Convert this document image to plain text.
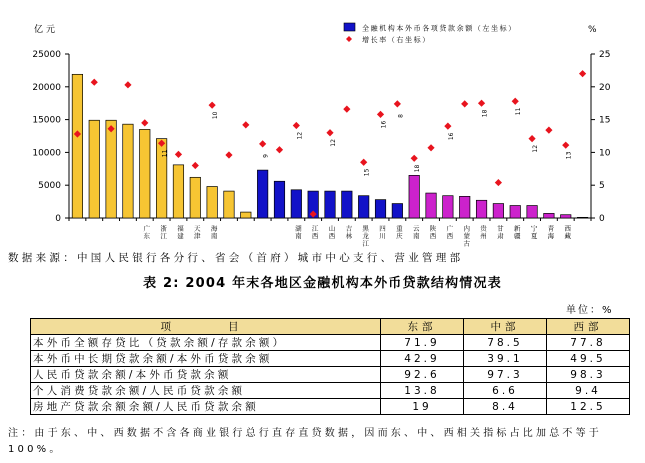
0
5000
10000
15000
20000
25000
0
5
10
15
20
25
亿元	%
广东
浙江
福建
天津
海南
湖南
江西
山西
吉林
黑龙江
四川
重庆
云南
陕西
广西
内蒙古
贵州
甘肃
新疆
宁夏
青海
西藏
11
10
9
12
12
15
16
8
18
16
18	11
12
13
全融机构本外币各项贷款余额（左坐标）
增长率（右坐标）
数据来源：中国人民银行各分行、省会（首府）城市中心支行、营业管理部
表 2: 2004 年末各地区金融机构本外币贷款结构情况表
单位：%
项　　目	东部	中部	西部
本外币全额存贷比（贷款余额/存款余额）	71.9	78.5	77.8
本外币中长期贷款余额/本外币贷款余额	42.9	39.1	49.5
人民币贷款余额/本外币贷款余额	92.6	97.3	98.3
个人消费贷款余额/人民币贷款余额	13.8	6.6	9.4
房地产贷款余额余额/人民币贷款余额	19	8.4	12.5
注：由于东、中、西数据不含各商业银行总行直存直贷数据，因而东、中、西相关指标占比加总不等于100%。
